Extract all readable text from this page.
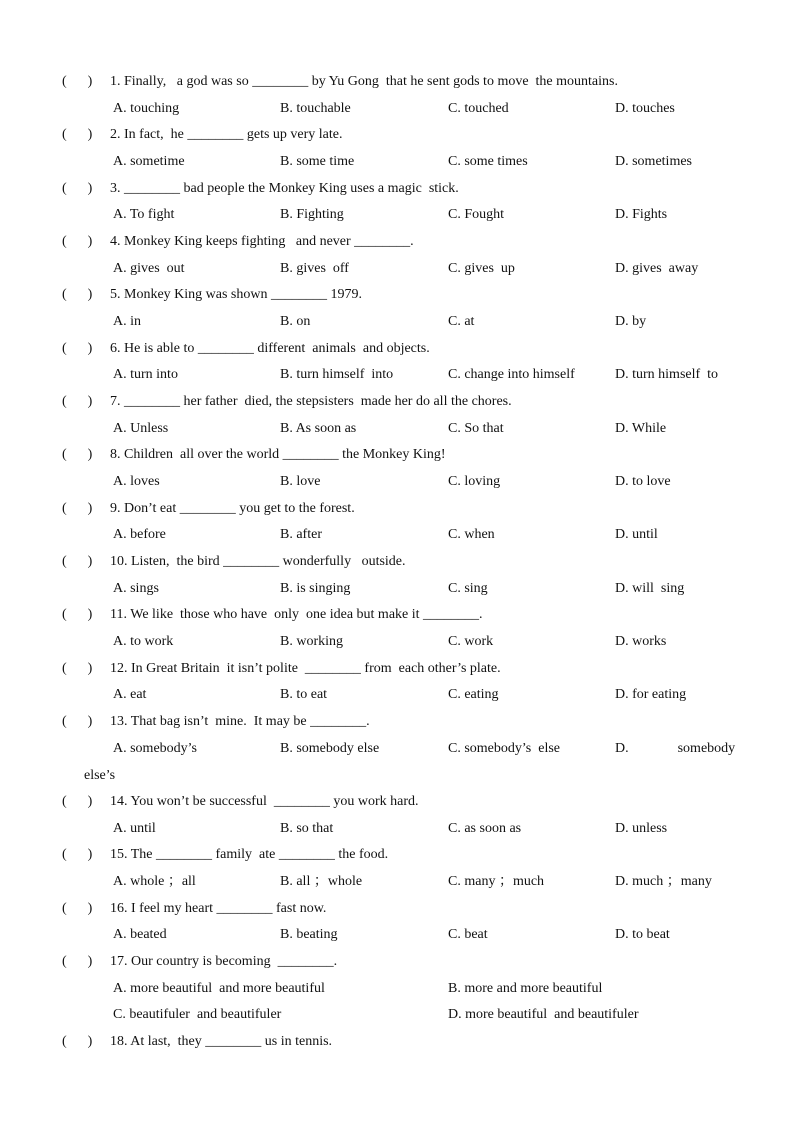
(      ) 1. Finally,   a god was so ________ by Yu Gong  that he sent gods to move  the mountains.
A. touching	B. touchable	C. touched	D. touches
(      ) 2. In fact,  he ________ gets up very late.
A. sometime	B. some time	C. some times	D. sometimes
(      ) 3. ________ bad people the Monkey King uses a magic  stick.
A. To fight	B. Fighting	C. Fought	D. Fights
(      ) 4. Monkey King keeps fighting   and never ________.
A. gives  out	B. gives  off	C. gives  up	D. gives  away
(      ) 5. Monkey King was shown ________ 1979.
A. in	B. on	C. at	D. by
(      ) 6. He is able to ________ different  animals  and objects.
A. turn into	B. turn himself  into	C. change into himself	D. turn himself  to
(      ) 7. ________ her father  died, the stepsisters  made her do all the chores.
A. Unless	B. As soon as	C. So that	D. While
(      ) 8. Children  all over the world ________ the Monkey King!
A. loves	B. love	C. loving	D. to love
(      ) 9. Don’t eat ________ you get to the forest.
A. before	B. after	C. when	D. until
(      ) 10. Listen,  the bird ________ wonderfully   outside.
A. sings	B. is singing	C. sing	D. will  sing
(      ) 11. We like  those who have  only  one idea but make it ________.
A. to work	B. working	C. work	D. works
(      ) 12. In Great Britain  it isn’t polite  ________ from  each other’s plate.
A. eat	B. to eat	C. eating	D. for eating
(      ) 13. That bag isn’t  mine.  It may be ________.
A. somebody’s	B. somebody else	C. somebody’s  else	D.              somebody
else’s
(      ) 14. You won’t be successful  ________ you work hard.
A. until	B. so that	C. as soon as	D. unless
(      ) 15. The ________ family  ate ________ the food.
A. whole ；all	B. all ；whole	C. many ；much	D. much ；many
(      ) 16. I feel my heart ________ fast now.
A. beated	B. beating	C. beat	D. to beat
(      ) 17. Our country is becoming  ________.
A. more beautiful  and more beautiful	B. more and more beautiful
C. beautifuler  and beautifuler	D. more beautiful  and beautifuler
(      ) 18. At last,  they ________ us in tennis.
